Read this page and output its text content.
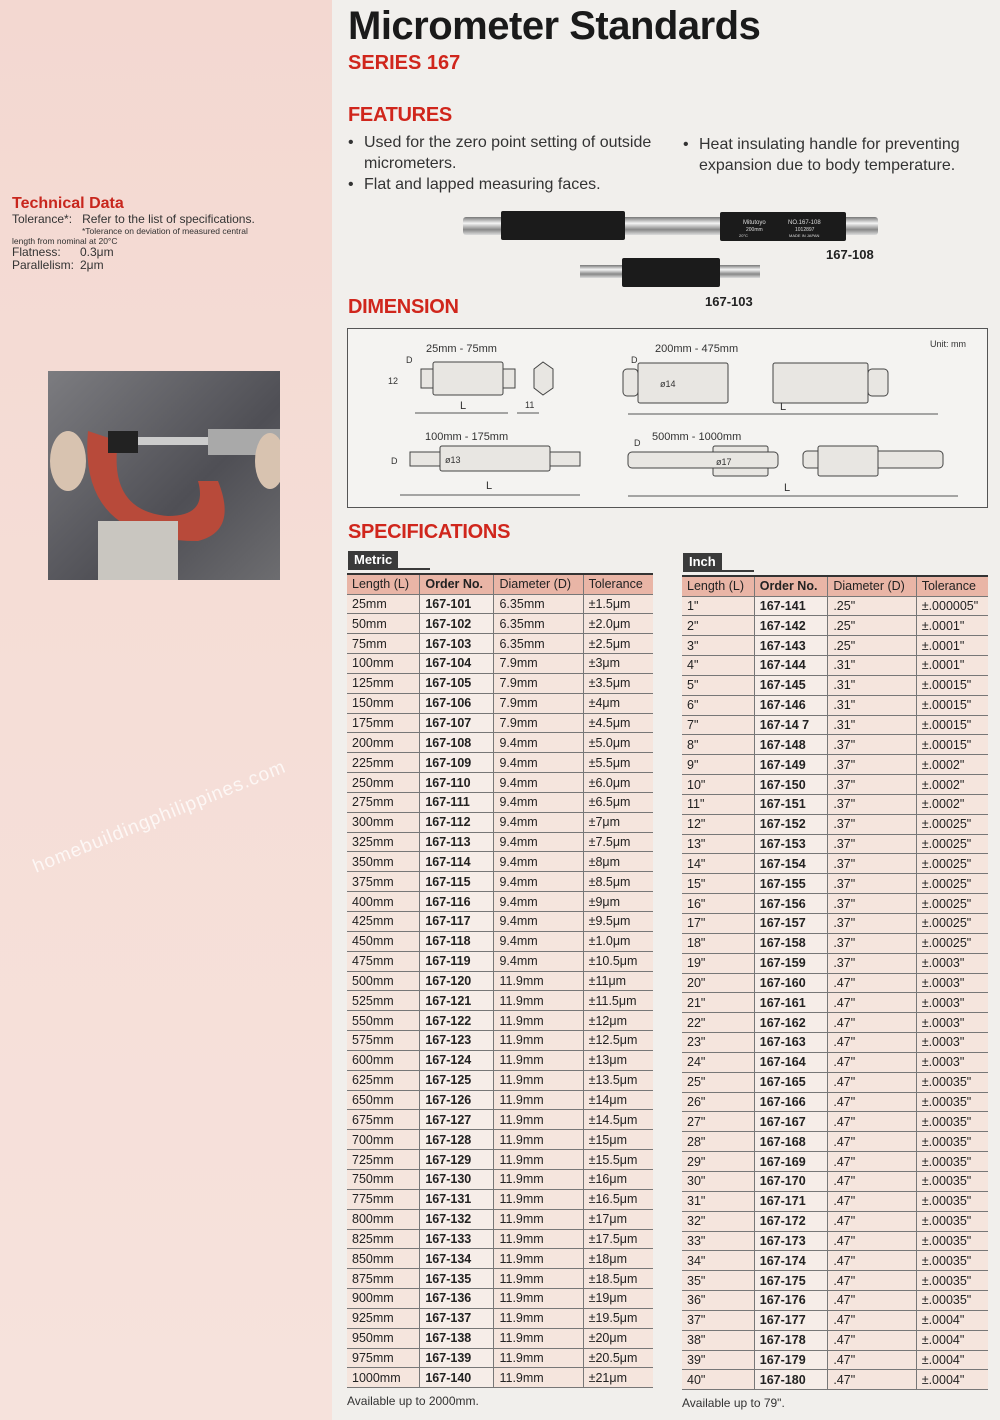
Technical Data
Tolerance*: Refer to the list of specifications.
*Tolerance on deviation of measured central
length from nominal at 20°C
Flatness: 0.3μm
Parallelism: 2μm
homebuildingphilippines.com
Micrometer Standards
SERIES 167
FEATURES
• Used for the zero point setting of outside micrometers.
• Flat and lapped measuring faces.
• Heat insulating handle for preventing expansion due to body temperature.
Mitutoyo	NO.167-108
200mm	1012897
20°C	MADE IN JAPAN
167-108
167-103
DIMENSION
25mm - 75mm
D
12
L	11
200mm - 475mm
D
ø14
L
Unit: mm
100mm - 175mm
D	ø13
L
500mm - 1000mm
D
ø17
L
SPECIFICATIONS
Metric	Inch
Length (L)	Order No.	Diameter (D)	Tolerance
25mm	167-101	6.35mm	±1.5μm
50mm	167-102	6.35mm	±2.0μm
75mm	167-103	6.35mm	±2.5μm
100mm	167-104	7.9mm	±3μm
125mm	167-105	7.9mm	±3.5μm
150mm	167-106	7.9mm	±4μm
175mm	167-107	7.9mm	±4.5μm
200mm	167-108	9.4mm	±5.0μm
225mm	167-109	9.4mm	±5.5μm
250mm	167-110	9.4mm	±6.0μm
275mm	167-111	9.4mm	±6.5μm
300mm	167-112	9.4mm	±7μm
325mm	167-113	9.4mm	±7.5μm
350mm	167-114	9.4mm	±8μm
375mm	167-115	9.4mm	±8.5μm
400mm	167-116	9.4mm	±9μm
425mm	167-117	9.4mm	±9.5μm
450mm	167-118	9.4mm	±1.0μm
475mm	167-119	9.4mm	±10.5μm
500mm	167-120	11.9mm	±11μm
525mm	167-121	11.9mm	±11.5μm
550mm	167-122	11.9mm	±12μm
575mm	167-123	11.9mm	±12.5μm
600mm	167-124	11.9mm	±13μm
625mm	167-125	11.9mm	±13.5μm
650mm	167-126	11.9mm	±14μm
675mm	167-127	11.9mm	±14.5μm
700mm	167-128	11.9mm	±15μm
725mm	167-129	11.9mm	±15.5μm
750mm	167-130	11.9mm	±16μm
775mm	167-131	11.9mm	±16.5μm
800mm	167-132	11.9mm	±17μm
825mm	167-133	11.9mm	±17.5μm
850mm	167-134	11.9mm	±18μm
875mm	167-135	11.9mm	±18.5μm
900mm	167-136	11.9mm	±19μm
925mm	167-137	11.9mm	±19.5μm
950mm	167-138	11.9mm	±20μm
975mm	167-139	11.9mm	±20.5μm
1000mm	167-140	11.9mm	±21μm
Length (L)	Order No.	Diameter (D)	Tolerance
1"	167-141	.25"	±.000005"
2"	167-142	.25"	±.0001"
3"	167-143	.25"	±.0001"
4"	167-144	.31"	±.0001"
5"	167-145	.31"	±.00015"
6"	167-146	.31"	±.00015"
7"	167-14 7	.31"	±.00015"
8"	167-148	.37"	±.00015"
9"	167-149	.37"	±.0002"
10"	167-150	.37"	±.0002"
11"	167-151	.37"	±.0002"
12"	167-152	.37"	±.00025"
13"	167-153	.37"	±.00025"
14"	167-154	.37"	±.00025"
15"	167-155	.37"	±.00025"
16"	167-156	.37"	±.00025"
17"	167-157	.37"	±.00025"
18"	167-158	.37"	±.00025"
19"	167-159	.37"	±.0003"
20"	167-160	.47"	±.0003"
21"	167-161	.47"	±.0003"
22"	167-162	.47"	±.0003"
23"	167-163	.47"	±.0003"
24"	167-164	.47"	±.0003"
25"	167-165	.47"	±.00035"
26"	167-166	.47"	±.00035"
27"	167-167	.47"	±.00035"
28"	167-168	.47"	±.00035"
29"	167-169	.47"	±.00035"
30"	167-170	.47"	±.00035"
31"	167-171	.47"	±.00035"
32"	167-172	.47"	±.00035"
33"	167-173	.47"	±.00035"
34"	167-174	.47"	±.00035"
35"	167-175	.47"	±.00035"
36"	167-176	.47"	±.00035"
37"	167-177	.47"	±.0004"
38"	167-178	.47"	±.0004"
39"	167-179	.47"	±.0004"
40"	167-180	.47"	±.0004"
Available up to 2000mm.	Available up to 79".
